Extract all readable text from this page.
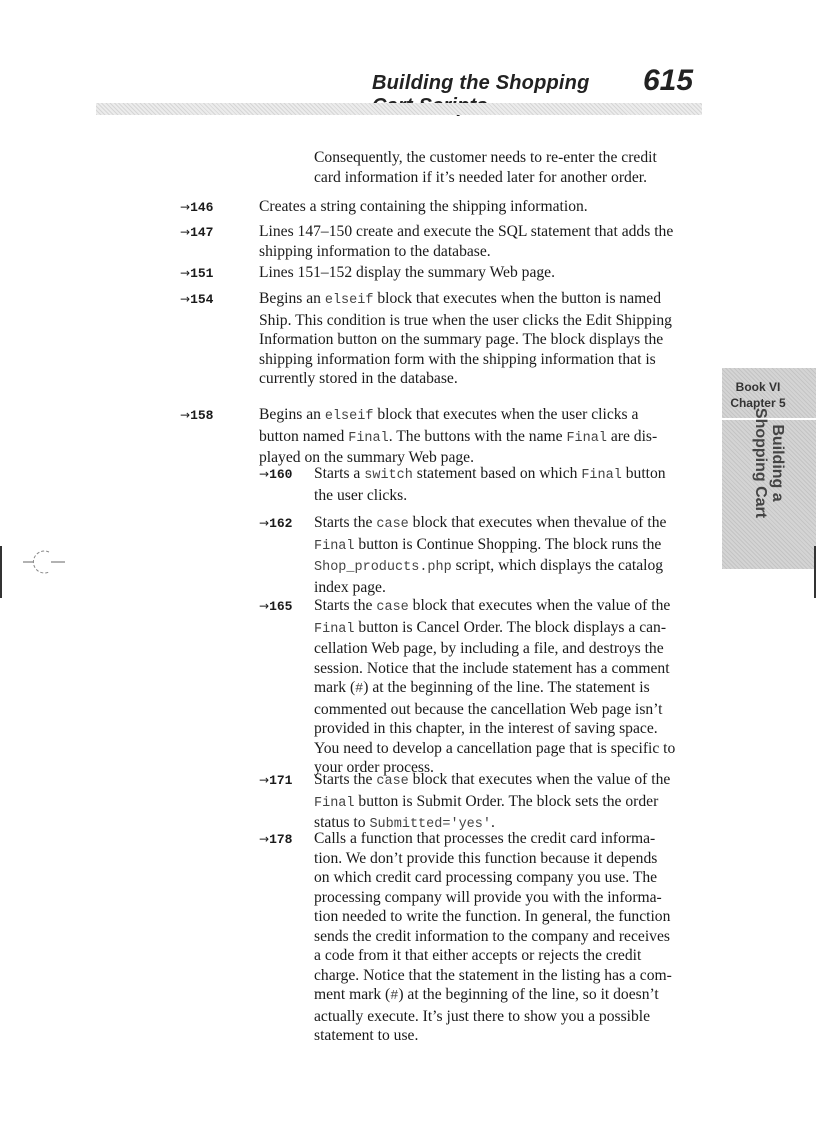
Building the Shopping	615
Book VI
Chapter 5
Building a
Shopping Cart

Consequently, the customer needs to re-enter the credit

card information if it’s needed later for another order.

→146	Creates a string containing the shipping information.

→147	Lines 147–150 create and execute the SQL statement that adds the

shipping information to the database.

→151	Lines 151–152 display the summary Web page.

→154	Begins an elseif block that executes when the button is named

Ship. This condition is true when the user clicks the Edit Shipping

Information button on the summary page. The block displays the

shipping information form with the shipping information that is

currently stored in the database.

→158	Begins an elseif block that executes when the user clicks a

button named Final. The buttons with the name Final are dis-

played on the summary Web page.

→160 Starts a switch statement based on which Final button

the user clicks.

→162 Starts the case block that executes when thevalue of the

Final button is Continue Shopping. The block runs the

Shop_products.php script, which displays the catalog

index page.

→165 Starts the case block that executes when the value of the

Final button is Cancel Order. The block displays a can-

cellation Web page, by including a file, and destroys the

session. Notice that the include statement has a comment

mark (#) at the beginning of the line. The statement is

commented out because the cancellation Web page isn’t

provided in this chapter, in the interest of saving space.

You need to develop a cancellation page that is specific to

your order process.

→171 Starts the case block that executes when the value of the

Final button is Submit Order. The block sets the order

status to Submitted='yes'.

→178 Calls a function that processes the credit card informa-

tion. We don’t provide this function because it depends

on which credit card processing company you use. The

processing company will provide you with the informa-

tion needed to write the function. In general, the function

sends the credit information to the company and receives

a code from it that either accepts or rejects the credit

charge. Notice that the statement in the listing has a com-

ment mark (#) at the beginning of the line, so it doesn’t

actually execute. It’s just there to show you a possible

statement to use.
